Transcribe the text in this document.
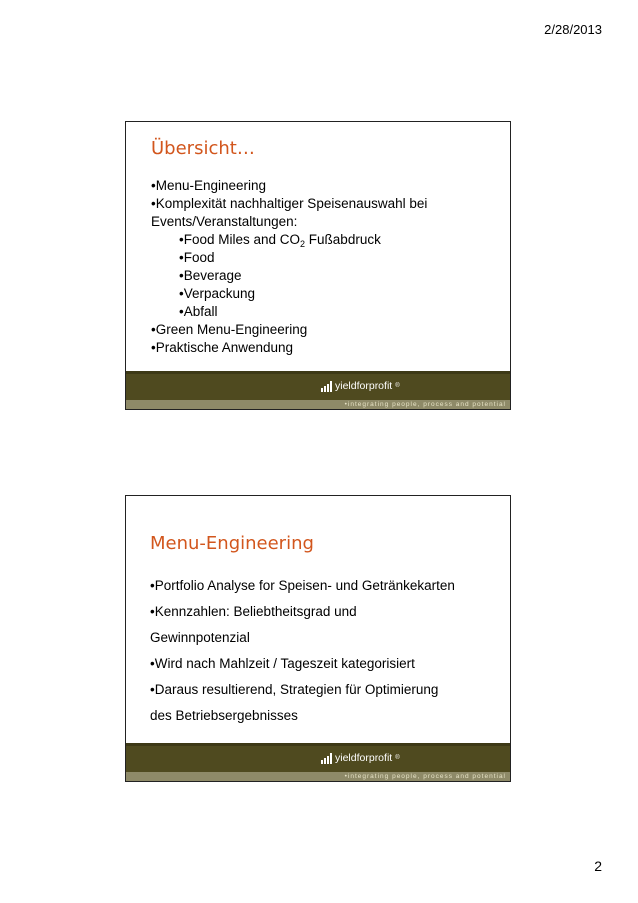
2/28/2013
Übersicht…
•Menu-Engineering
•Komplexität nachhaltiger Speisenauswahl bei
Events/Veranstaltungen:
•Food Miles and $CO_2$ Fußabdruck
•Food
•Beverage
•Verpackung
•Abfall
•Green Menu-Engineering
•Praktische Anwendung
yieldforprofit ®
•integrating people, process and potential
Menu-Engineering
•Portfolio Analyse for Speisen- und Getränkekarten
•Kennzahlen: Beliebtheitsgrad und
Gewinnpotenzial
•Wird nach Mahlzeit / Tageszeit kategorisiert
•Daraus resultierend, Strategien für Optimierung
des Betriebsergebnisses
yieldforprofit ®
•integrating people, process and potential
2
